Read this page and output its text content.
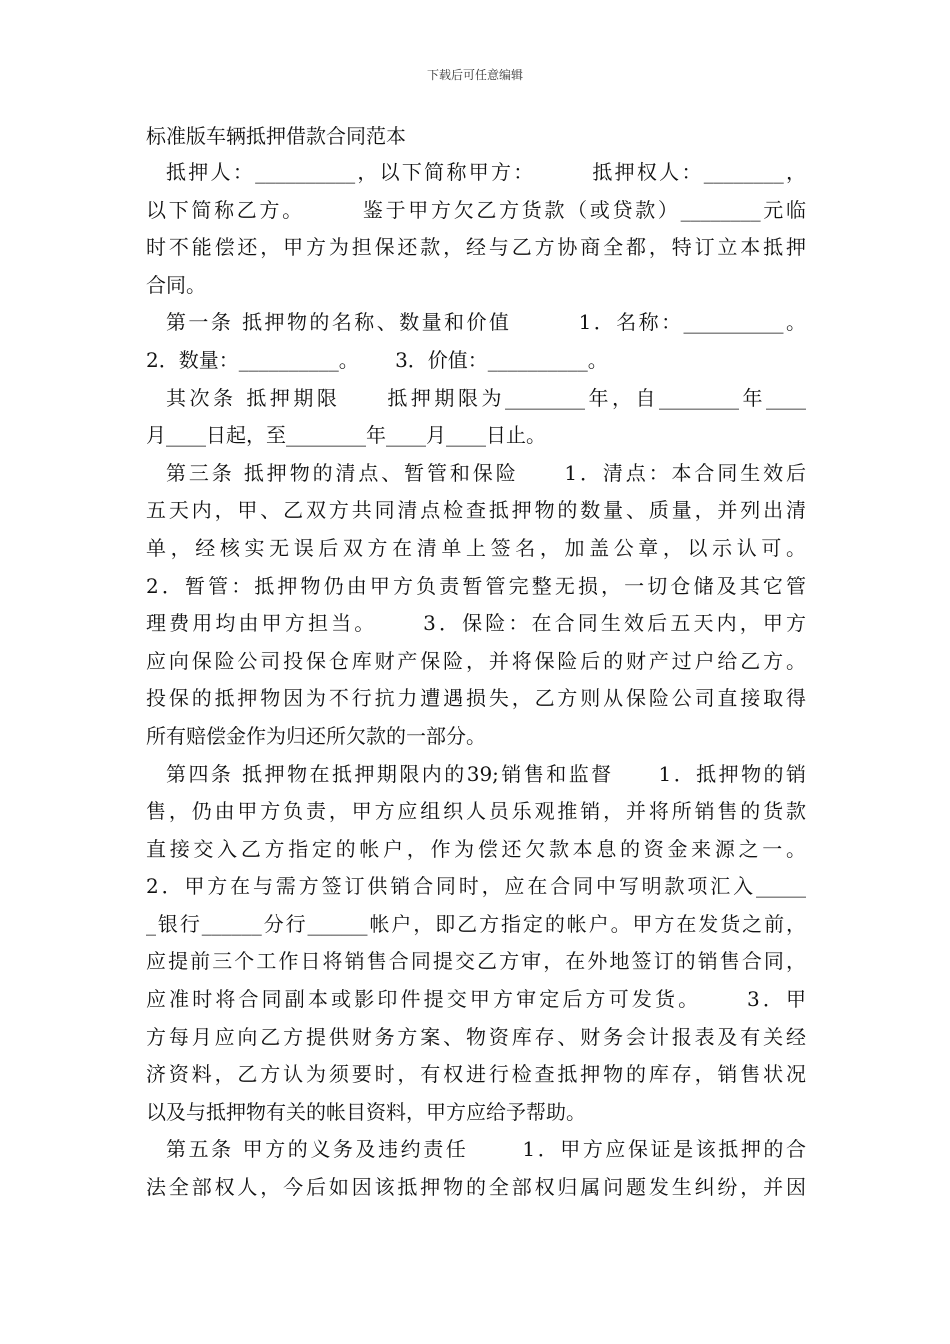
下载后可任意编辑
标准版车辆抵押借款合同范本
抵押人：__________，以下简称甲方：　　　抵押权人：________，
以下简称乙方。　　　鉴于甲方欠乙方货款（或贷款）________元临
时不能偿还，甲方为担保还款，经与乙方协商全都，特订立本抵押
合同。
第一条 抵押物的名称、数量和价值　　　1．名称：__________。
2．数量：__________。　　 3．价值：__________。
其次条 抵押期限　　抵押期限为________年，自________年____
月____日起，至________年____月____日止。
第三条 抵押物的清点、暂管和保险　　1．清点：本合同生效后
五天内，甲、乙双方共同清点检查抵押物的数量、质量，并列出清
单，经核实无误后双方在清单上签名，加盖公章，以示认可。
2．暂管：抵押物仍由甲方负责暂管完整无损，一切仓储及其它管
理费用均由甲方担当。　　 3．保险：在合同生效后五天内，甲方
应向保险公司投保仓库财产保险，并将保险后的财产过户给乙方。
投保的抵押物因为不行抗力遭遇损失，乙方则从保险公司直接取得
所有赔偿金作为归还所欠款的一部分。
第四条 抵押物在抵押期限内的39;销售和监督　　1．抵押物的销
售，仍由甲方负责，甲方应组织人员乐观推销，并将所销售的货款
直接交入乙方指定的帐户，作为偿还欠款本息的资金来源之一。
2．甲方在与需方签订供销合同时，应在合同中写明款项汇入_____
_银行______分行______帐户，即乙方指定的帐户。甲方在发货之前，
应提前三个工作日将销售合同提交乙方审，在外地签订的销售合同，
应准时将合同副本或影印件提交甲方审定后方可发货。　　 3．甲
方每月应向乙方提供财务方案、物资库存、财务会计报表及有关经
济资料，乙方认为须要时，有权进行检查抵押物的库存，销售状况
以及与抵押物有关的帐目资料，甲方应给予帮助。
第五条 甲方的义务及违约责任　　 1．甲方应保证是该抵押的合
法全部权人，今后如因该抵押物的全部权归属问题发生纠纷，并因
